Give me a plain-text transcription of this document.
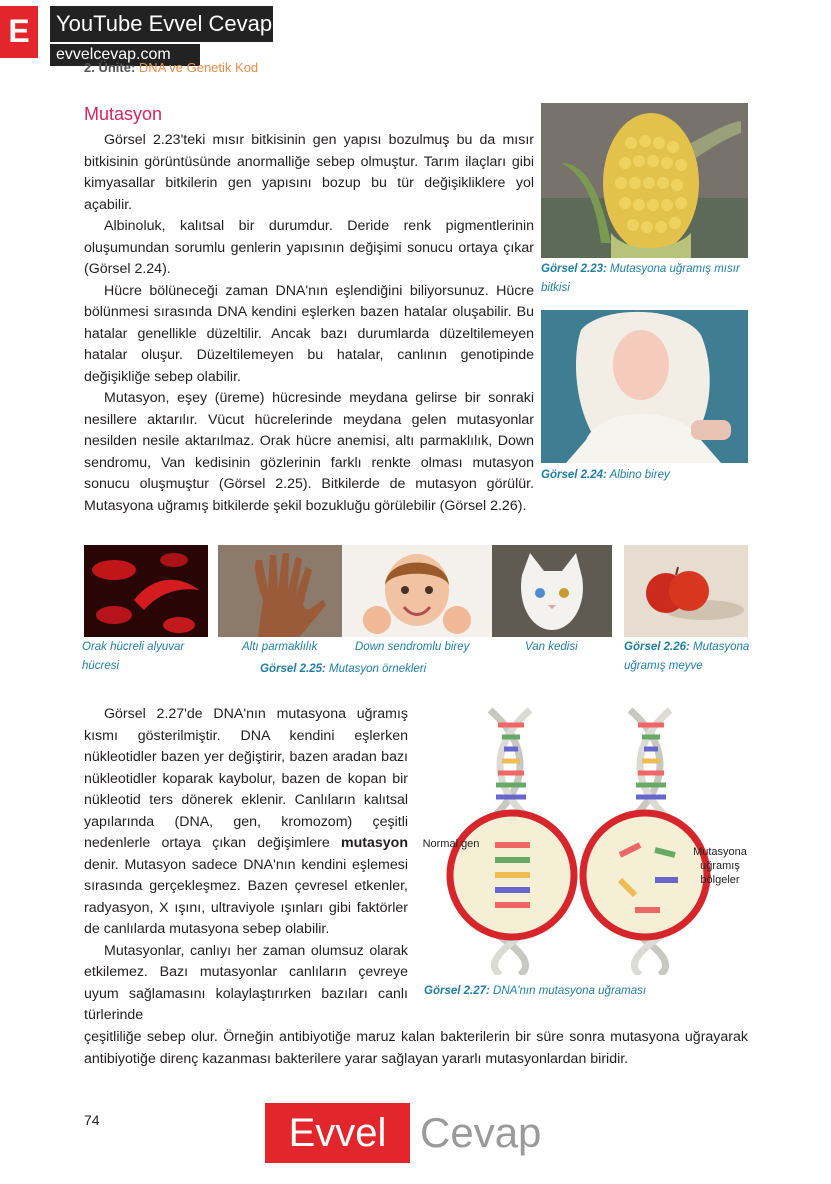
E	YouTube Evvel Cevap
evvelcevap.com
2. Ünite: DNA ve Genetik Kod
Mutasyon

Görsel 2.23'teki mısır bitkisinin gen yapısı bozulmuş bu da mısır bitkisinin görüntüsünde anormalliğe sebep olmuştur. Tarım ilaçları gibi kimyasallar bitkilerin gen yapısını bozup bu tür değişikliklere yol açabilir.

Albinoluk, kalıtsal bir durumdur. Deride renk pigmentlerinin oluşumundan sorumlu genlerin yapısının değişimi sonucu ortaya çıkar (Görsel 2.24).

Hücre bölüneceği zaman DNA'nın eşlendiğini biliyorsunuz. Hücre bölünmesi sırasında DNA kendini eşlerken bazen hatalar oluşabilir. Bu hatalar genellikle düzeltilir. Ancak bazı durumlarda düzeltilemeyen hatalar oluşur. Düzeltilemeyen bu hatalar, canlının genotipinde değişikliğe sebep olabilir.

Mutasyon, eşey (üreme) hücresinde meydana gelirse bir sonraki nesillere aktarılır. Vücut hücrelerinde meydana gelen mutasyonlar nesilden nesile aktarılmaz. Orak hücre anemisi, altı parmaklılık, Down sendromu, Van kedisinin gözlerinin farklı renkte olması mutasyon sonucu oluşmuştur (Görsel 2.25). Bitkilerde de mutasyon görülür. Mutasyona uğramış bitkilerde şekil bozukluğu görülebilir (Görsel 2.26).

Görsel 2.23: Mutasyona uğramış mısır bitkisi
Görsel 2.24: Albino birey
Orak hücreli alyuvar hücresi
Altı parmaklılık	Down sendromlu birey	Van kedisi	Görsel 2.26: Mutasyona uğramış meyve
Görsel 2.25: Mutasyon örnekleri

Görsel 2.27'de DNA'nın mutasyona uğramış kısmı gösterilmiştir. DNA kendini eşlerken nükleotidler bazen yer değiştirir, bazen aradan bazı nükleotidler koparak kaybolur, bazen de kopan bir nükleotid ters dönerek eklenir. Canlıların kalıtsal yapılarında (DNA, gen, kromozom) çeşitli nedenlerle ortaya çıkan değişimlere mutasyon denir. Mutasyon sadece DNA'nın kendini eşlemesi sırasında gerçekleşmez. Bazen çevresel etkenler, radyasyon, X ışını, ultraviyole ışınları gibi faktörler de canlılarda mutasyona sebep olabilir.

Mutasyonlar, canlıyı her zaman olumsuz olarak etkilemez. Bazı mutasyonlar canlıların çevreye uyum sağlamasını kolaylaştırırken bazıları canlı türlerinde

çeşitliliğe sebep olur. Örneğin antibiyotiğe maruz kalan bakterilerin bir süre sonra mutasyona uğrayarak antibiyotiğe direnç kazanması bakterilere yarar sağlayan yararlı mutasyonlardan biridir.

Normal gen
Mutasyona uğramış bölgeler
Görsel 2.27: DNA'nın mutasyona uğraması
74	Evvel Cevap
